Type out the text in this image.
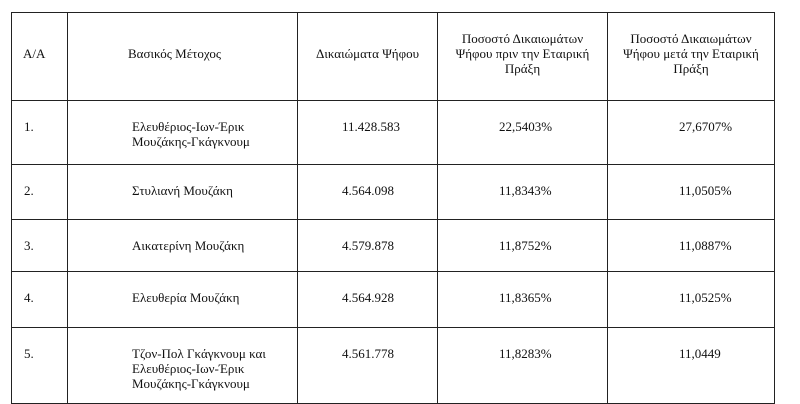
Α/Α	Βασικός Μέτοχος	Δικαιώματα Ψήφου	Ποσοστό Δικαιωμάτων Ψήφου πριν την Εταιρική Πράξη	Ποσοστό Δικαιωμάτων Ψήφου μετά την Εταιρική Πράξη

1.	Ελευθέριος-Ιων-Έρικ Μουζάκης-Γκάγκνουμ	11.428.583	22,5403%	27,6707%

2.	Στυλιανή Μουζάκη	4.564.098	11,8343%	11,0505%

3.	Αικατερίνη Μουζάκη	4.579.878	11,8752%	11,0887%

4.	Ελευθερία Μουζάκη	4.564.928	11,8365%	11,0525%

5.	Τζον-Πολ Γκάγκνουμ και Ελευθέριος-Ιων-Έρικ Μουζάκης-Γκάγκνουμ	4.561.778	11,8283%	11,0449
